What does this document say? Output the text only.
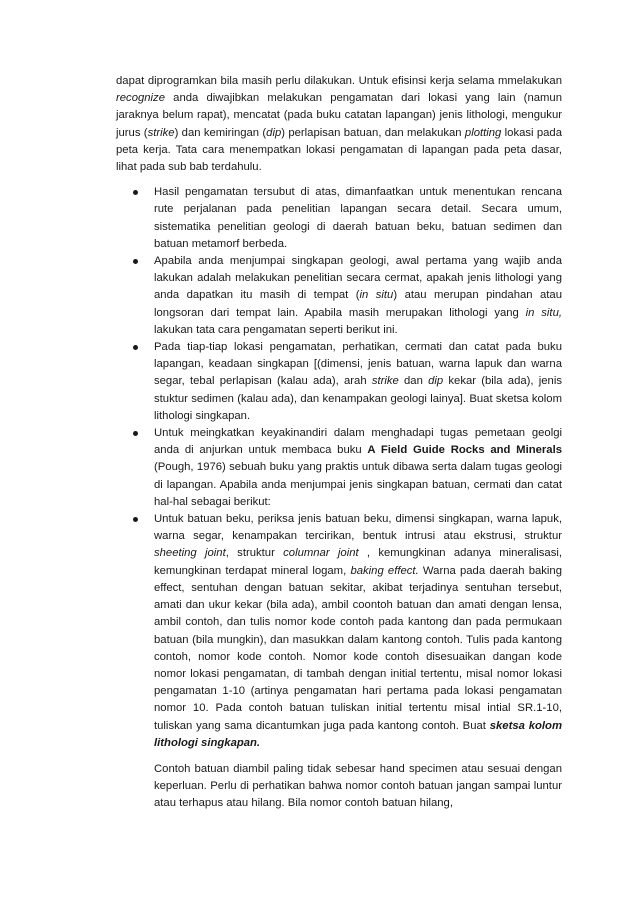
dapat diprogramkan bila masih perlu dilakukan. Untuk efisinsi kerja selama mmelakukan recognize anda diwajibkan melakukan pengamatan dari lokasi yang lain (namun jaraknya belum rapat), mencatat (pada buku catatan lapangan) jenis lithologi, mengukur jurus (strike) dan kemiringan (dip) perlapisan batuan, dan melakukan plotting lokasi pada peta kerja. Tata cara menempatkan lokasi pengamatan di lapangan pada peta dasar, lihat pada sub bab terdahulu.

Hasil pengamatan tersubut di atas, dimanfaatkan untuk menentukan rencana rute perjalanan pada penelitian lapangan secara detail. Secara umum, sistematika penelitian geologi di daerah batuan beku, batuan sedimen dan batuan metamorf berbeda.
Apabila anda menjumpai singkapan geologi, awal pertama yang wajib anda lakukan adalah melakukan penelitian secara cermat, apakah jenis lithologi yang anda dapatkan itu masih di tempat (in situ) atau merupan pindahan atau longsoran dari tempat lain. Apabila masih merupakan lithologi yang in situ, lakukan tata cara pengamatan seperti berikut ini.
Pada tiap-tiap lokasi pengamatan, perhatikan, cermati dan catat pada buku lapangan, keadaan singkapan [(dimensi, jenis batuan, warna lapuk dan warna segar, tebal perlapisan (kalau ada), arah strike dan dip kekar (bila ada), jenis stuktur sedimen (kalau ada), dan kenampakan geologi lainya]. Buat sketsa kolom lithologi singkapan.
Untuk meingkatkan keyakinandiri dalam menghadapi tugas pemetaan geolgi anda di anjurkan untuk membaca buku A Field Guide Rocks and Minerals (Pough, 1976) sebuah buku yang praktis untuk dibawa serta dalam tugas geologi di lapangan. Apabila anda menjumpai jenis singkapan batuan, cermati dan catat hal-hal sebagai berikut:
Untuk batuan beku, periksa jenis batuan beku, dimensi singkapan, warna lapuk, warna segar, kenampakan tercirikan, bentuk intrusi atau ekstrusi, struktur sheeting joint, struktur columnar joint , kemungkinan adanya mineralisasi, kemungkinan terdapat mineral logam, baking effect. Warna pada daerah baking effect, sentuhan dengan batuan sekitar, akibat terjadinya sentuhan tersebut, amati dan ukur kekar (bila ada), ambil coontoh batuan dan amati dengan lensa, ambil contoh, dan tulis nomor kode contoh pada kantong dan pada permukaan batuan (bila mungkin), dan masukkan dalam kantong contoh. Tulis pada kantong contoh, nomor kode contoh. Nomor kode contoh disesuaikan dangan kode nomor lokasi pengamatan, di tambah dengan initial tertentu, misal nomor lokasi pengamatan 1-10 (artinya pengamatan hari pertama pada lokasi pengamatan nomor 10. Pada contoh batuan tuliskan initial tertentu misal intial SR.1-10, tuliskan yang sama dicantumkan juga pada kantong contoh. Buat sketsa kolom lithologi singkapan.

Contoh batuan diambil paling tidak sebesar hand specimen atau sesuai dengan keperluan. Perlu di perhatikan bahwa nomor contoh batuan jangan sampai luntur atau terhapus atau hilang. Bila nomor contoh batuan hilang,
